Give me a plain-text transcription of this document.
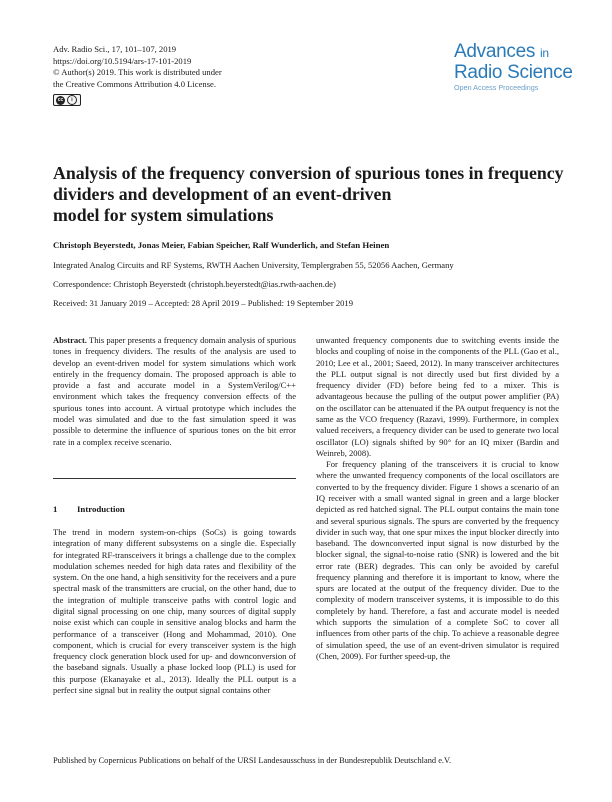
Adv. Radio Sci., 17, 101–107, 2019
https://doi.org/10.5194/ars-17-101-2019
© Author(s) 2019. This work is distributed under
the Creative Commons Attribution 4.0 License.
cc	i
Advances in
Radio Science
Open Access Proceedings
Analysis of the frequency conversion of spurious tones in frequency
dividers and development of an event-driven
model for system simulations
Christoph Beyerstedt, Jonas Meier, Fabian Speicher, Ralf Wunderlich, and Stefan Heinen
Integrated Analog Circuits and RF Systems, RWTH Aachen University, Templergraben 55, 52056 Aachen, Germany
Correspondence: Christoph Beyerstedt (christoph.beyerstedt@ias.rwth-aachen.de)
Received: 31 January 2019 – Accepted: 28 April 2019 – Published: 19 September 2019

Abstract. This paper presents a frequency domain analysis of spurious tones in frequency dividers. The results of the analysis are used to develop an event-driven model for system simulations which work entirely in the frequency domain. The proposed approach is able to provide a fast and accurate model in a SystemVerilog/C++ environment which takes the frequency conversion effects of the spurious tones into account. A virtual prototype which includes the model was simulated and due to the fast simulation speed it was possible to determine the influence of spurious tones on the bit error rate in a complex receive scenario.

1 Introduction

The trend in modern system-on-chips (SoCs) is going towards integration of many different subsystems on a single die. Especially for integrated RF-transceivers it brings a challenge due to the complex modulation schemes needed for high data rates and flexibility of the system. On the one hand, a high sensitivity for the receivers and a pure spectral mask of the transmitters are crucial, on the other hand, due to the integration of multiple transceive paths with control logic and digital signal processing on one chip, many sources of digital supply noise exist which can couple in sensitive analog blocks and harm the performance of a transceiver (Hong and Mohammad, 2010). One component, which is crucial for every transceiver system is the high frequency clock generation block used for up- and downconversion of the baseband signals. Usually a phase locked loop (PLL) is used for this purpose (Ekanayake et al., 2013). Ideally the PLL output is a perfect sine signal but in reality the output signal contains other

unwanted frequency components due to switching events inside the blocks and coupling of noise in the components of the PLL (Gao et al., 2010; Lee et al., 2001; Saeed, 2012). In many transceiver architectures the PLL output signal is not directly used but first divided by a frequency divider (FD) before being fed to a mixer. This is advantageous because the pulling of the output power amplifier (PA) on the oscillator can be attenuated if the PA output frequency is not the same as the VCO frequency (Razavi, 1999). Furthermore, in complex valued receivers, a frequency divider can be used to generate two local oscillator (LO) signals shifted by 90° for an IQ mixer (Bardin and Weinreb, 2008).

For frequency planing of the transceivers it is crucial to know where the unwanted frequency components of the local oscillators are converted to by the frequency divider. Figure 1 shows a scenario of an IQ receiver with a small wanted signal in green and a large blocker depicted as red hatched signal. The PLL output contains the main tone and several spurious signals. The spurs are converted by the frequency divider in such way, that one spur mixes the input blocker directly into baseband. The downconverted input signal is now disturbed by the blocker signal, the signal-to-noise ratio (SNR) is lowered and the bit error rate (BER) degrades. This can only be avoided by careful frequency planning and therefore it is important to know, where the spurs are located at the output of the frequency divider. Due to the complexity of modern transceiver systems, it is impossible to do this completely by hand. Therefore, a fast and accurate model is needed which supports the simulation of a complete SoC to cover all influences from other parts of the chip. To achieve a reasonable degree of simulation speed, the use of an event-driven simulator is required (Chen, 2009). For further speed-up, the

Published by Copernicus Publications on behalf of the URSI Landesausschuss in der Bundesrepublik Deutschland e.V.
